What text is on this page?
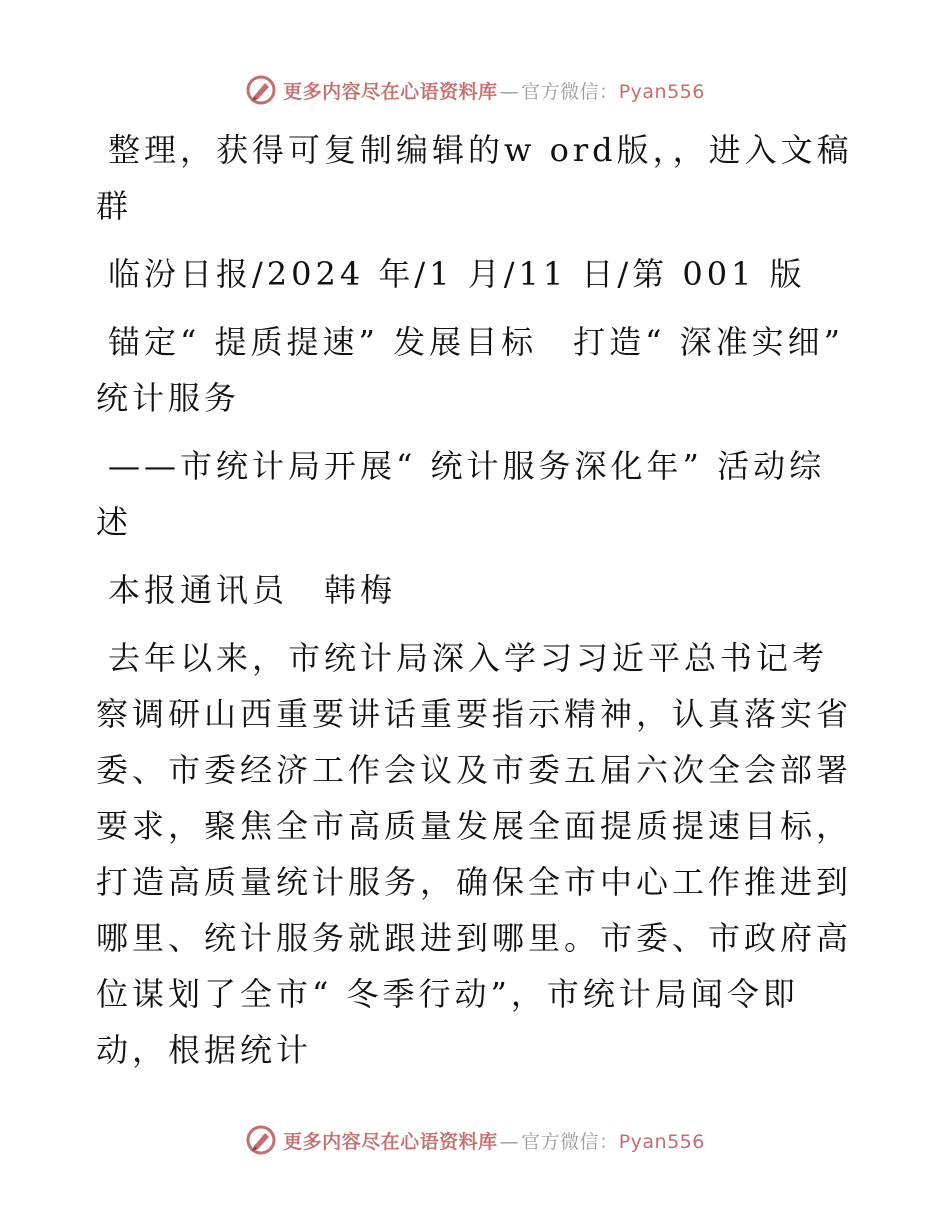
更多内容尽在心语资料库 — 官方微信：Pyan556

整理，获得可复制编辑的w ord版，，进入文稿群

临汾日报/2024 年/1 月/11 日/第 001 版

锚定“ 提质提速” 发展目标　打造“ 深准实细” 统计服务

——市统计局开展“ 统计服务深化年” 活动综述

本报通讯员　韩梅

去年以来，市统计局深入学习习近平总书记考察调研山西重要讲话重要指示精神，认真落实省委、市委经济工作会议及市委五届六次全会部署要求，聚焦全市高质量发展全面提质提速目标，打造高质量统计服务，确保全市中心工作推进到哪里、统计服务就跟进到哪里。市委、市政府高位谋划了全市“ 冬季行动”，市统计局闻令即动，根据统计

更多内容尽在心语资料库 — 官方微信：Pyan556
